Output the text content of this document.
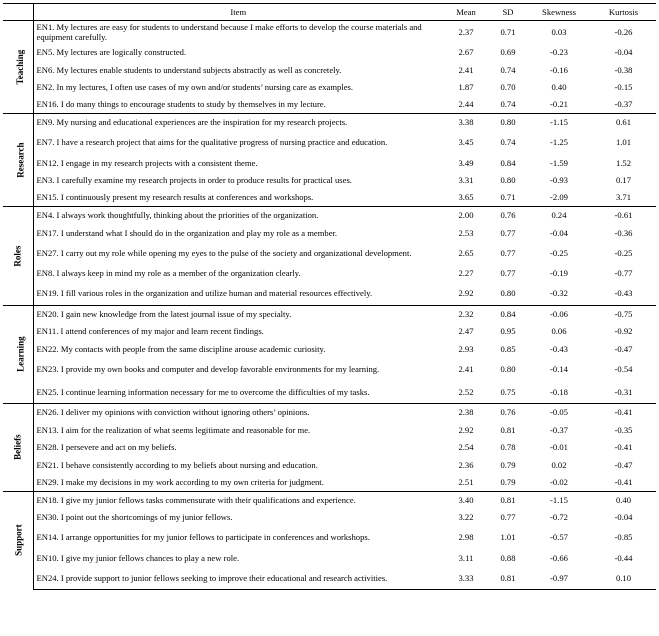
	Item	Mean	SD	Skewness	Kurtosis
Teaching	EN1. My lectures are easy for students to understand because I make efforts to develop the course materials and equipment carefully.	2.37	0.71	0.03	-0.26
	EN5. My lectures are logically constructed.	2.67	0.69	-0.23	-0.04
	EN6. My lectures enable students to understand subjects abstractly as well as concretely.	2.41	0.74	-0.16	-0.38
	EN2. In my lectures, I often use cases of my own and/or students’ nursing care as examples.	1.87	0.70	0.40	-0.15
	EN16. I do many things to encourage students to study by themselves in my lecture.	2.44	0.74	-0.21	-0.37
Research	EN9. My nursing and educational experiences are the inspiration for my research projects.	3.38	0.80	-1.15	0.61
	EN7. I have a research project that aims for the qualitative progress of nursing practice and education.	3.45	0.74	-1.25	1.01
	EN12. I engage in my research projects with a consistent theme.	3.49	0.84	-1.59	1.52
	EN3. I carefully examine my research projects in order to produce results for practical uses.	3.31	0.80	-0.93	0.17
	EN15. I continuously present my research results at conferences and workshops.	3.65	0.71	-2.09	3.71
Roles	EN4. I always work thoughtfully, thinking about the priorities of the organization.	2.00	0.76	0.24	-0.61
	EN17. I understand what I should do in the organization and play my role as a member.	2.53	0.77	-0.04	-0.36
	EN27. I carry out my role while opening my eyes to the pulse of the society and organizational development.	2.65	0.77	-0.25	-0.25
	EN8. I always keep in mind my role as a member of the organization clearly.	2.27	0.77	-0.19	-0.77
	EN19. I fill various roles in the organization and utilize human and material resources effectively.	2.92	0.80	-0.32	-0.43
Learning	EN20. I gain new knowledge from the latest journal issue of my specialty.	2.32	0.84	-0.06	-0.75
	EN11. I attend conferences of my major and learn recent findings.	2.47	0.95	0.06	-0.92
	EN22. My contacts with people from the same discipline arouse academic curiosity.	2.93	0.85	-0.43	-0.47
	EN23. I provide my own books and computer and develop favorable environments for my learning.	2.41	0.80	-0.14	-0.54
	EN25. I continue learning information necessary for me to overcome the difficulties of my tasks.	2.52	0.75	-0.18	-0.31
Beliefs	EN26. I deliver my opinions with conviction without ignoring others’ opinions.	2.38	0.76	-0.05	-0.41
	EN13. I aim for the realization of what seems legitimate and reasonable for me.	2.92	0.81	-0.37	-0.35
	EN28. I persevere and act on my beliefs.	2.54	0.78	-0.01	-0.41
	EN21. I behave consistently according to my beliefs about nursing and education.	2.36	0.79	0.02	-0.47
	EN29. I make my decisions in my work according to my own criteria for judgment.	2.51	0.79	-0.02	-0.41
Support	EN18. I give my junior fellows tasks commensurate with their qualifications and experience.	3.40	0.81	-1.15	0.40
	EN30. I point out the shortcomings of my junior fellows.	3.22	0.77	-0.72	-0.04
	EN14. I arrange opportunities for my junior fellows to participate in conferences and workshops.	2.98	1.01	-0.57	-0.85
	EN10. I give my junior fellows chances to play a new role.	3.11	0.88	-0.66	-0.44
	EN24. I provide support to junior fellows seeking to improve their educational and research activities.	3.33	0.81	-0.97	0.10
